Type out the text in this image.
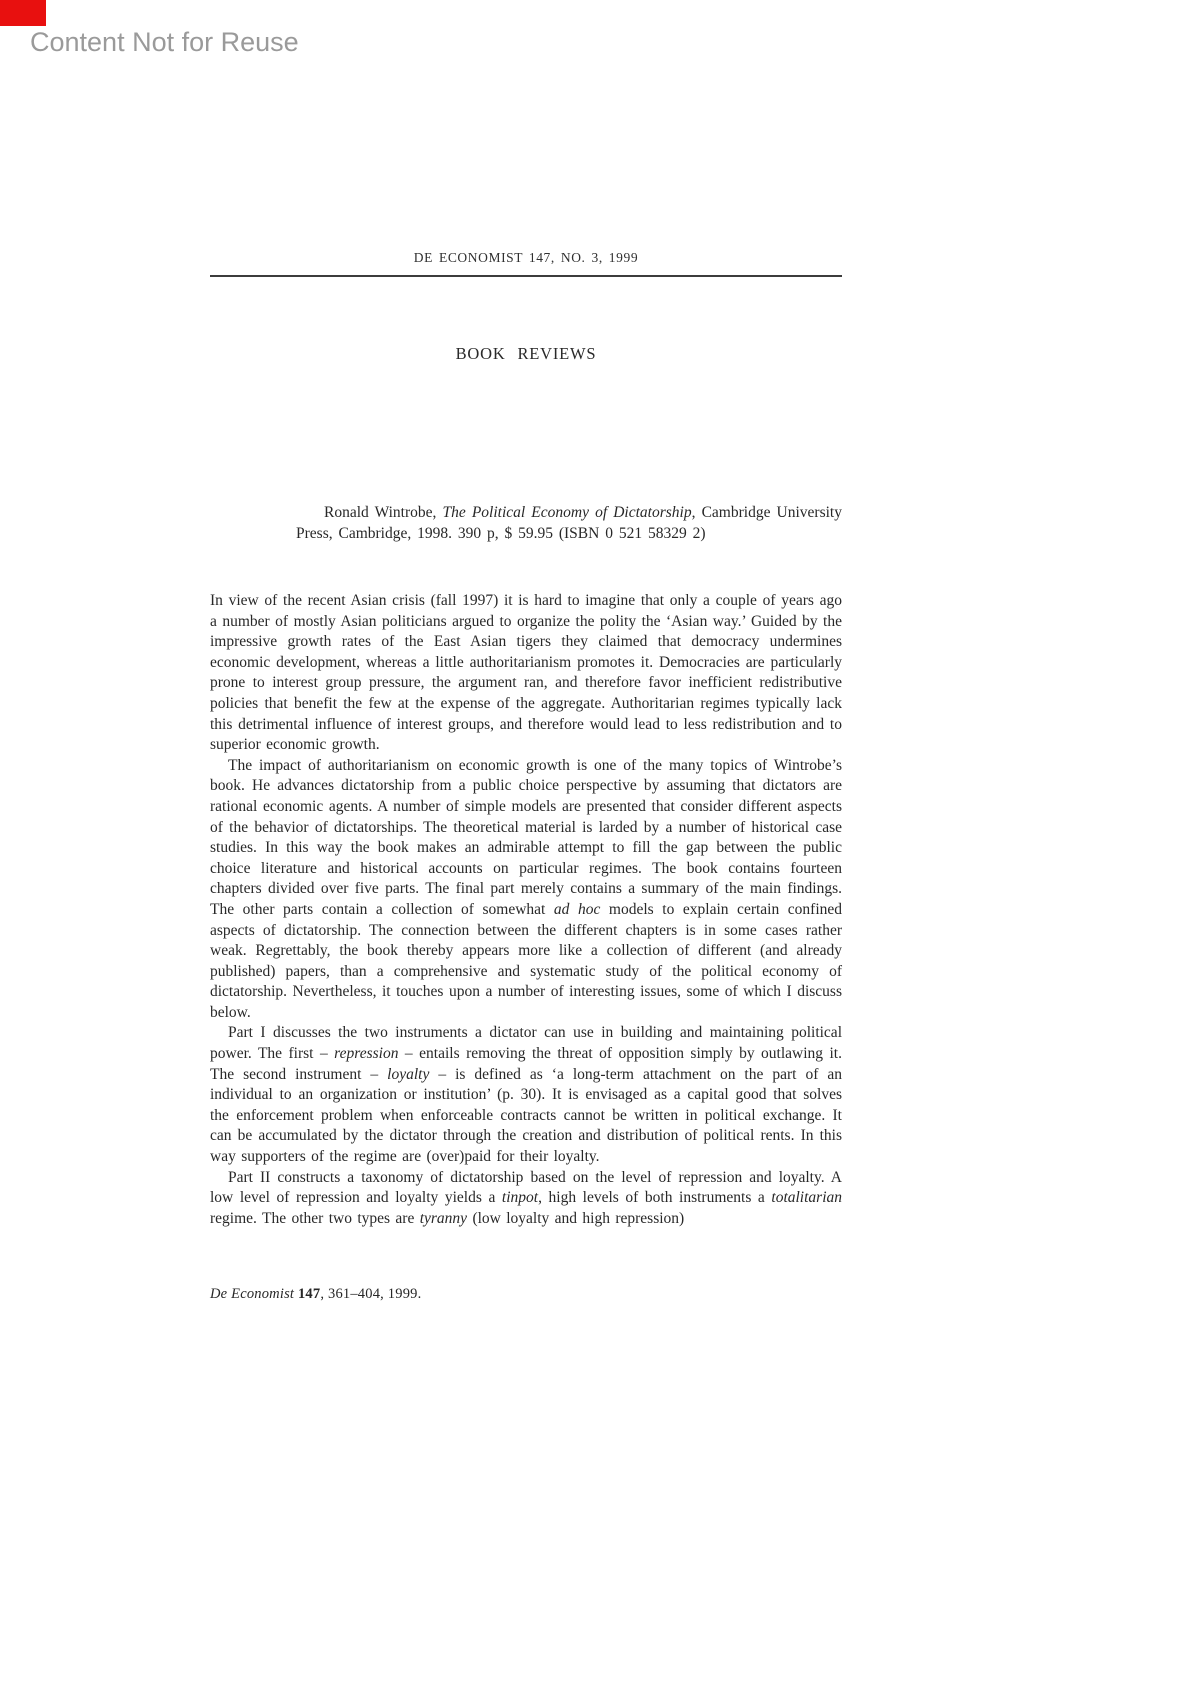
Content Not for Reuse
DE ECONOMIST 147, NO. 3, 1999
BOOK REVIEWS
Ronald Wintrobe, The Political Economy of Dictatorship, Cambridge University Press, Cambridge, 1998. 390 p, $ 59.95 (ISBN 0 521 58329 2)

In view of the recent Asian crisis (fall 1997) it is hard to imagine that only a couple of years ago a number of mostly Asian politicians argued to organize the polity the ‘Asian way.’ Guided by the impressive growth rates of the East Asian tigers they claimed that democracy undermines economic development, whereas a little authoritarianism promotes it. Democracies are particularly prone to interest group pressure, the argument ran, and therefore favor inefficient redistributive policies that benefit the few at the expense of the aggregate. Authoritarian regimes typically lack this detrimental influence of interest groups, and therefore would lead to less redistribution and to superior economic growth.

The impact of authoritarianism on economic growth is one of the many topics of Wintrobe’s book. He advances dictatorship from a public choice perspective by assuming that dictators are rational economic agents. A number of simple models are presented that consider different aspects of the behavior of dictatorships. The theoretical material is larded by a number of historical case studies. In this way the book makes an admirable attempt to fill the gap between the public choice literature and historical accounts on particular regimes. The book contains fourteen chapters divided over five parts. The final part merely contains a summary of the main findings. The other parts contain a collection of somewhat ad hoc models to explain certain confined aspects of dictatorship. The connection between the different chapters is in some cases rather weak. Regrettably, the book thereby appears more like a collection of different (and already published) papers, than a comprehensive and systematic study of the political economy of dictatorship. Nevertheless, it touches upon a number of interesting issues, some of which I discuss below.

Part I discusses the two instruments a dictator can use in building and maintaining political power. The first – repression – entails removing the threat of opposition simply by outlawing it. The second instrument – loyalty – is defined as ‘a long-term attachment on the part of an individual to an organization or institution’ (p. 30). It is envisaged as a capital good that solves the enforcement problem when enforceable contracts cannot be written in political exchange. It can be accumulated by the dictator through the creation and distribution of political rents. In this way supporters of the regime are (over)paid for their loyalty.

Part II constructs a taxonomy of dictatorship based on the level of repression and loyalty. A low level of repression and loyalty yields a tinpot, high levels of both instruments a totalitarian regime. The other two types are tyranny (low loyalty and high repression)

De Economist 147, 361–404, 1999.
